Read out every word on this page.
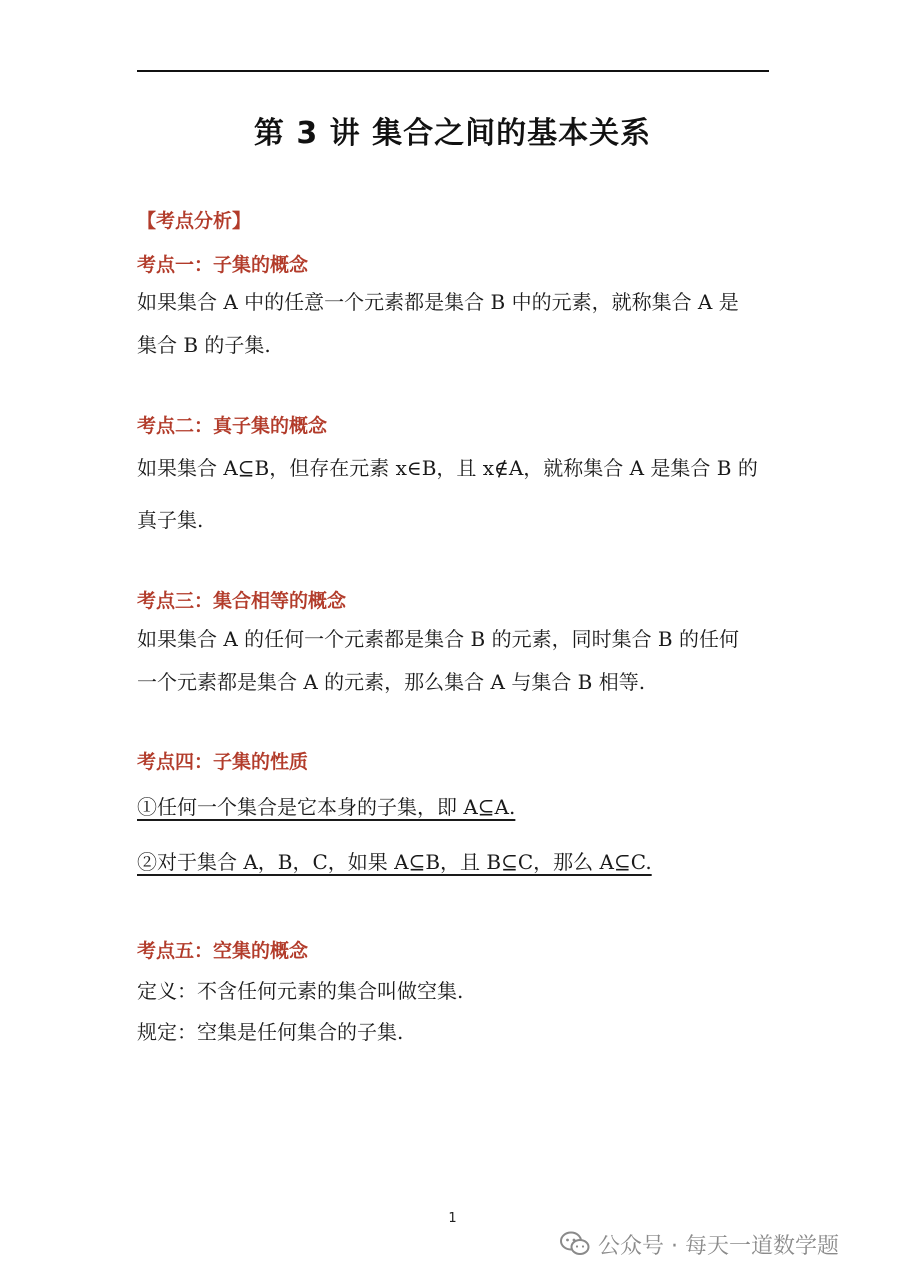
第 3 讲 集合之间的基本关系
【考点分析】
考点一：子集的概念
如果集合 A 中的任意一个元素都是集合 B 中的元素，就称集合 A 是
集合 B 的子集.
考点二：真子集的概念
如果集合 A⊆B，但存在元素 x∈B，且 x∉A，就称集合 A 是集合 B 的
真子集.
考点三：集合相等的概念
如果集合 A 的任何一个元素都是集合 B 的元素，同时集合 B 的任何
一个元素都是集合 A 的元素，那么集合 A 与集合 B 相等.
考点四：子集的性质
①任何一个集合是它本身的子集，即 A⊆A.
②对于集合 A，B，C，如果 A⊆B，且 B⊆C，那么 A⊆C.
考点五：空集的概念
定义：不含任何元素的集合叫做空集.
规定：空集是任何集合的子集.
1
公众号 · 每天一道数学题
